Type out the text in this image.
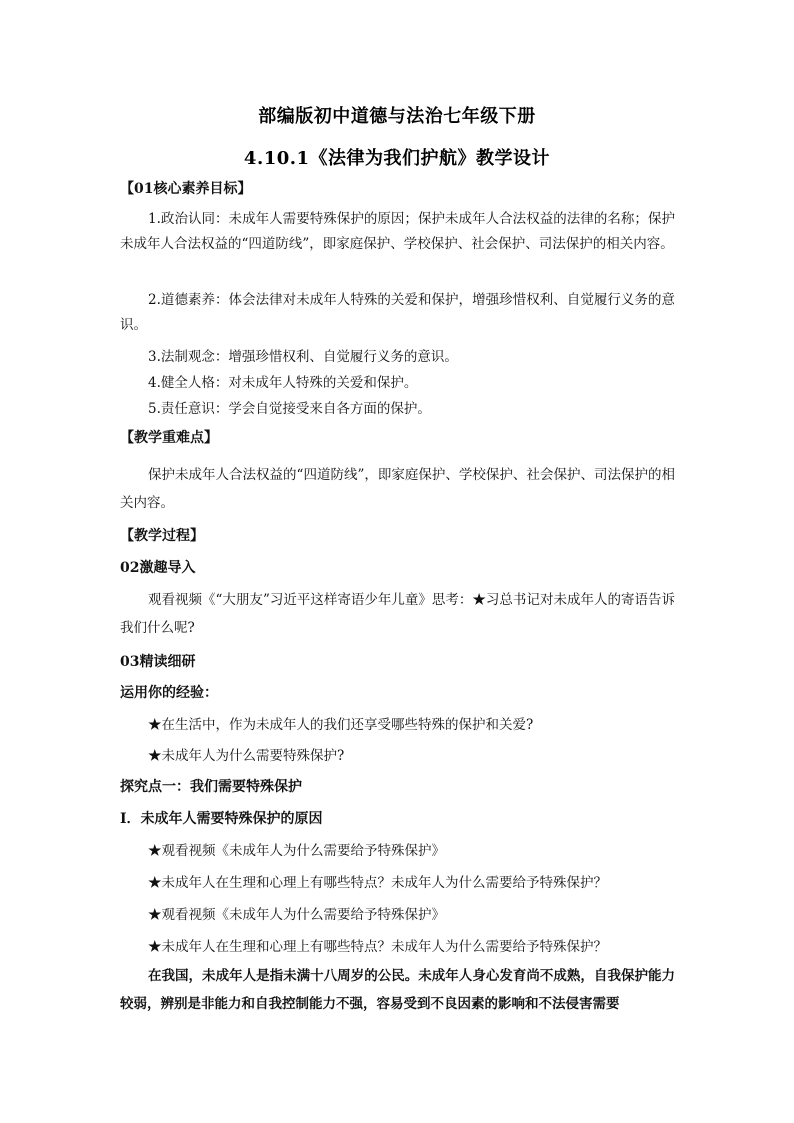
部编版初中道德与法治七年级下册
4.10.1《法律为我们护航》教学设计
【01核心素养目标】
1.政治认同：未成年人需要特殊保护的原因；保护未成年人合法权益的法律的名称；保护未成年人合法权益的“四道防线”，即家庭保护、学校保护、社会保护、司法保护的相关内容。
2.道德素养：体会法律对未成年人特殊的关爱和保护，增强珍惜权利、自觉履行义务的意识。
3.法制观念：增强珍惜权利、自觉履行义务的意识。
4.健全人格：对未成年人特殊的关爱和保护。
5.责任意识：学会自觉接受来自各方面的保护。
【教学重难点】
保护未成年人合法权益的“四道防线”，即家庭保护、学校保护、社会保护、司法保护的相关内容。
【教学过程】
02激趣导入
观看视频《“大朋友”习近平这样寄语少年儿童》思考：★习总书记对未成年人的寄语告诉我们什么呢?
03精读细研
运用你的经验：
★在生活中，作为未成年人的我们还享受哪些特殊的保护和关爱?
★未成年人为什么需要特殊保护?
探究点一：我们需要特殊保护
Ⅰ．未成年人需要特殊保护的原因
★观看视频《未成年人为什么需要给予特殊保护》
★未成年人在生理和心理上有哪些特点？未成年人为什么需要给予特殊保护？
★观看视频《未成年人为什么需要给予特殊保护》
★未成年人在生理和心理上有哪些特点？未成年人为什么需要给予特殊保护？
在我国，未成年人是指未满十八周岁的公民。未成年人身心发育尚不成熟，自我保护能力较弱，辨别是非能力和自我控制能力不强，容易受到不良因素的影响和不法侵害需要
